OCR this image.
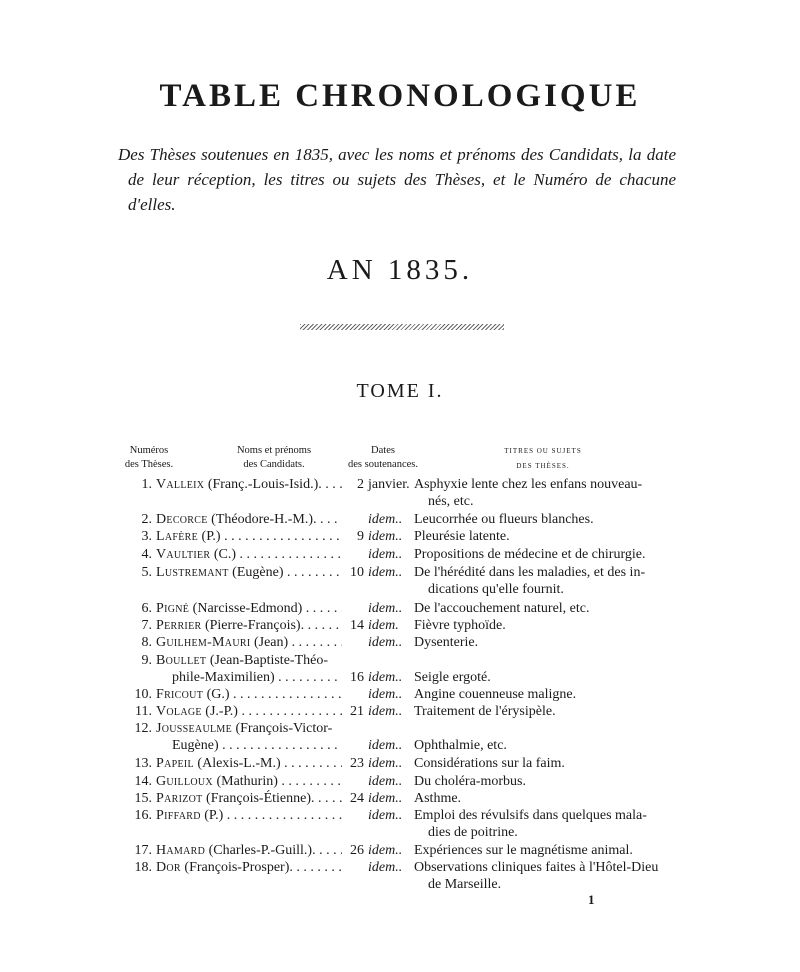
TABLE CHRONOLOGIQUE
Des Thèses soutenues en 1835, avec les noms et prénoms des Candidats, la date de leur réception, les titres ou sujets des Thèses, et le Numéro de chacune d'elles.
AN 1835.
TOME I.
Numéros
des Thèses.
Noms et prénoms
des Candidats.
Dates
des soutenances.
TITRES OU SUJETS
DES THÈSES.
1. Valleix (Franç.-Louis-Isid.). . . .	2 janvier. Asphyxie lente chez les enfans nouveau-
nés, etc.
2. Decorce (Théodore-H.-M.). . . . .	idem.. Leucorrhée ou flueurs blanches.
3. Lafère (P.) . . .	9 idem.. Pleurésie latente.
4. Vaultier (C.) . . .	idem.. Propositions de médecine et de chirurgie.
5. Lustremant (Eugène) . . .	10 idem.. De l'hérédité dans les maladies, et des in-
dications qu'elle fournit.
6. Pigné (Narcisse-Edmond) . . . . . .	idem.. De l'accouchement naturel, etc.
7. Perrier (Pierre-François). . . . . . .	14 idem.	Fièvre typhoïde.
8. Guilhem-Mauri (Jean) . . .	idem.. Dysenterie.
9. Boullet (Jean-Baptiste-Théo-
phile-Maximilien) . . .	16 idem.. Seigle ergoté.
10. Fricout (G.) . . .	idem.. Angine couenneuse maligne.
11. Volage (J.-P.) . . .	21 idem.. Traitement de l'érysipèle.
12. Jousseaulme (François-Victor-
Eugène) . . .	idem.. Ophthalmie, etc.
13. Papeil (Alexis-L.-M.) . . .	23 idem.. Considérations sur la faim.
14. Guilloux (Mathurin) . . .	idem.. Du choléra-morbus.
15. Parizot (François-Étienne). . . . .	24 idem.. Asthme.
16. Piffard (P.) . . .	idem.. Emploi des révulsifs dans quelques mala-
dies de poitrine.
17. Hamard (Charles-P.-Guill.). . . . .	26 idem.. Expériences sur le magnétisme animal.
18. Dor (François-Prosper). . . . . . . .	idem.. Observations cliniques faites à l'Hôtel-Dieu
de Marseille.
1
